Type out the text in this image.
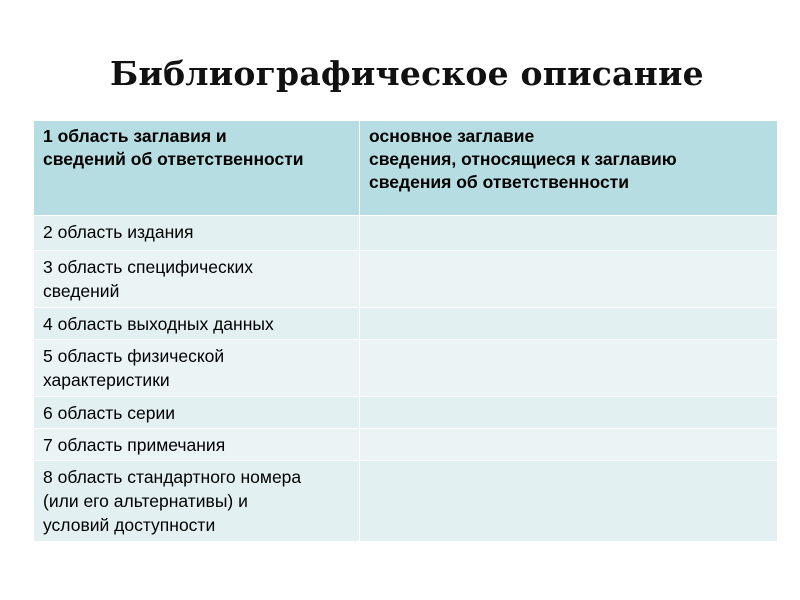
Библиографическое описание
1 область заглавия и
сведений об ответственности	основное заглавие
сведения, относящиеся к заглавию
сведения об ответственности

2 область издания	

3 область специфических
сведений	

4 область выходных данных	

5 область физической
характеристики	

6 область серии	

7 область примечания	

8 область стандартного номера
(или его альтернативы) и
условий доступности	
